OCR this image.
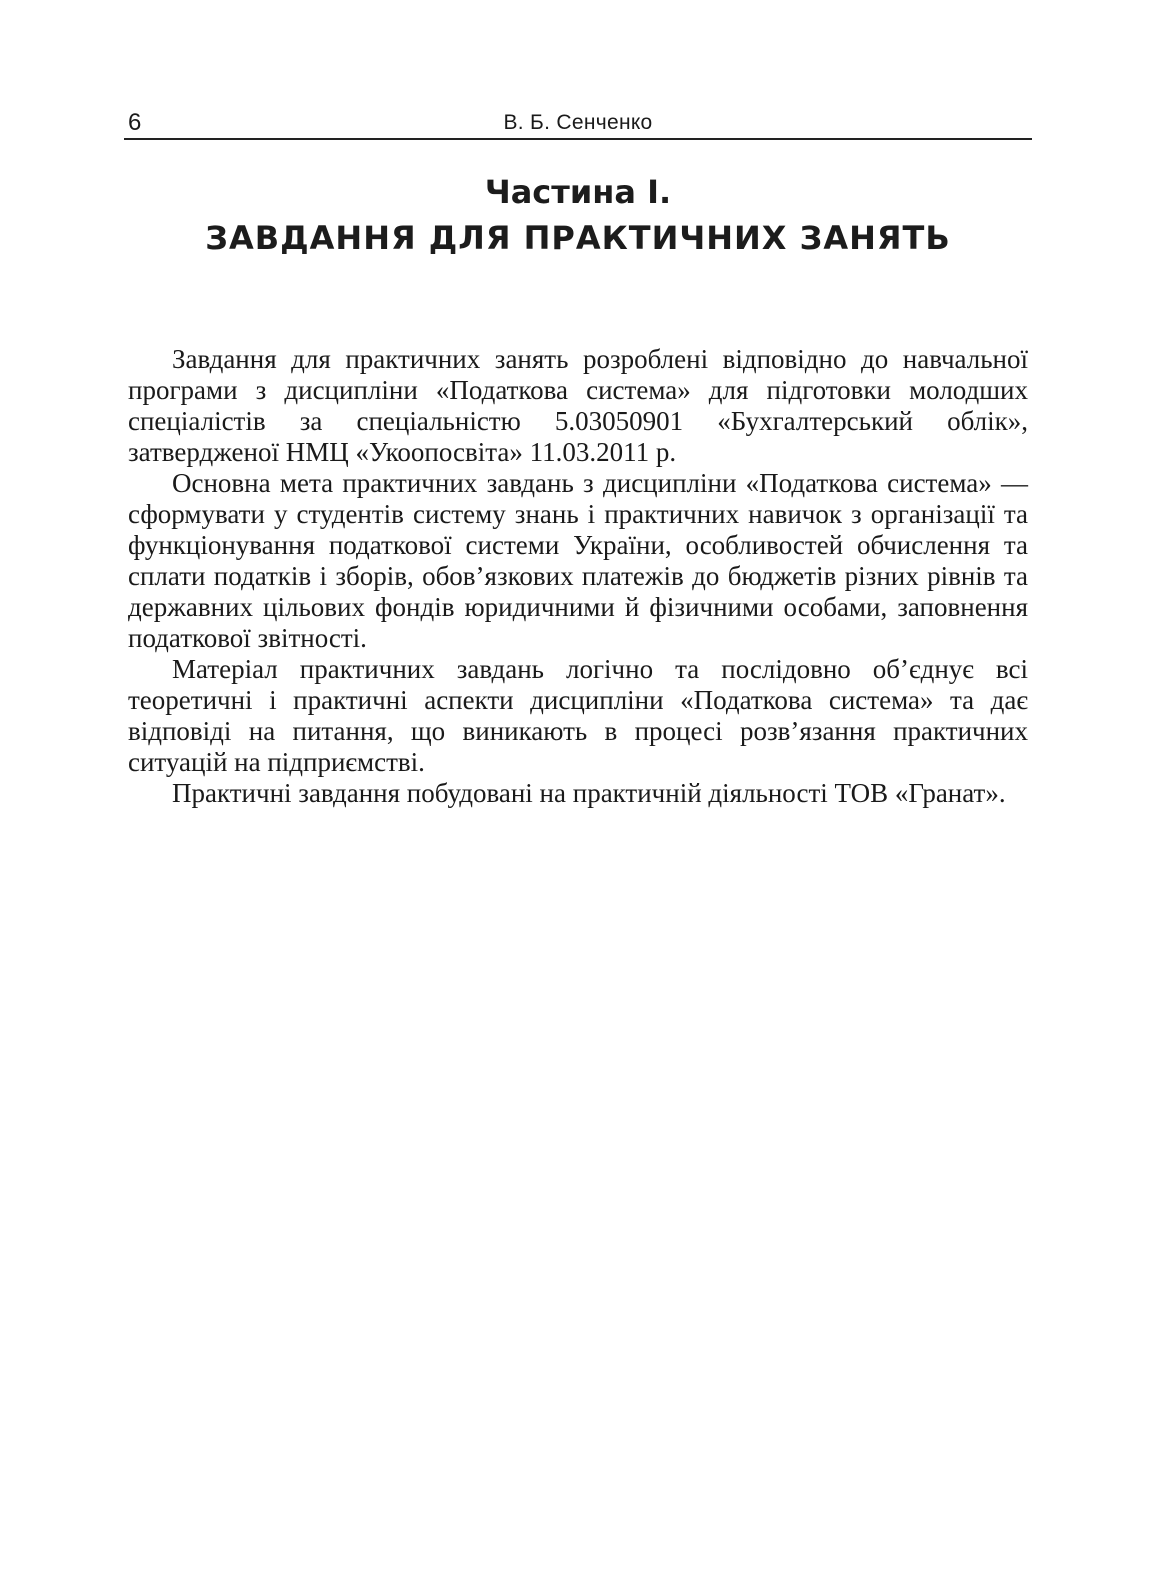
6	В. Б. Сенченко
Частина І.
ЗАВДАННЯ ДЛЯ ПРАКТИЧНИХ ЗАНЯТЬ

Завдання для практичних занять розроблені відповідно до навчальної програми з дисципліни «Податкова система» для підготовки молодших спеціалістів за спеціальністю 5.03050901 «Бухгалтерський облік», затвердженої НМЦ «Укоопосвіта» 11.03.2011 р.

Основна мета практичних завдань з дисципліни «Податкова система» — сформувати у студентів систему знань і практичних навичок з організації та функціонування податкової системи України, особливостей обчислення та сплати податків і зборів, обов’язкових платежів до бюджетів різних рівнів та державних цільових фондів юридичними й фізичними особами, заповнення податкової звітності.

Матеріал практичних завдань логічно та послідовно об’єднує всі теоретичні і практичні аспекти дисципліни «Податкова система» та дає відповіді на питання, що виникають в процесі розв’язання практичних ситуацій на підприємстві.

Практичні завдання побудовані на практичній діяльності ТОВ «Гранат».
